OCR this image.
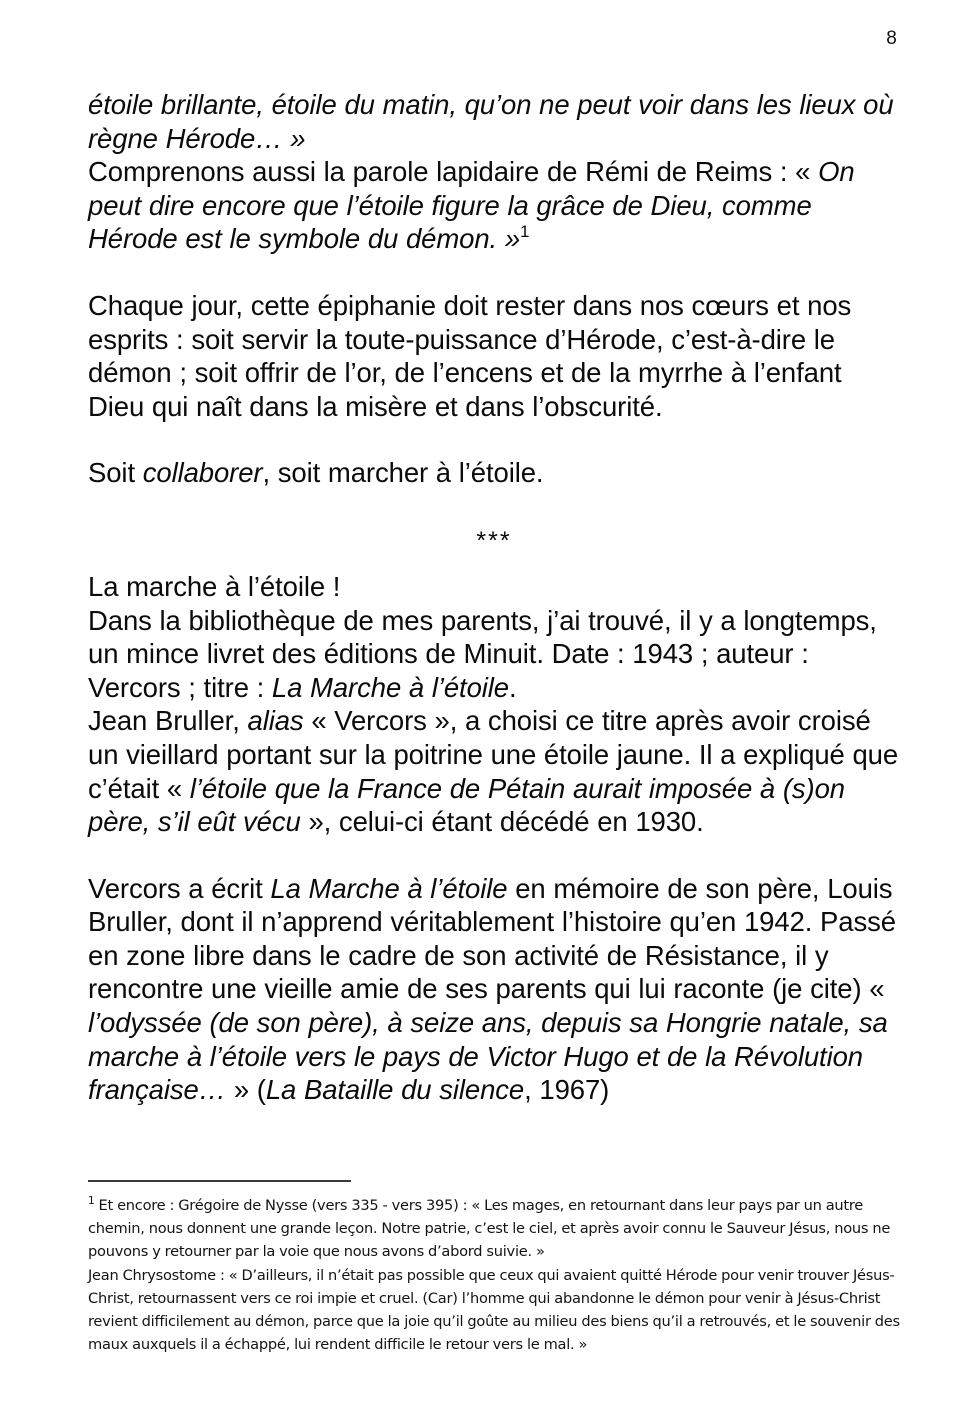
8

étoile brillante, étoile du matin, qu’on ne peut voir dans les lieux où règne Hérode… »

Comprenons aussi la parole lapidaire de Rémi de Reims : « On peut dire encore que l’étoile figure la grâce de Dieu, comme Hérode est le symbole du démon. »$^1$

Chaque jour, cette épiphanie doit rester dans nos cœurs et nos esprits : soit servir la toute-puissance d’Hérode, c’est-à-dire le démon ; soit offrir de l’or, de l’encens et de la myrrhe à l’enfant Dieu qui naît dans la misère et dans l’obscurité.

Soit collaborer, soit marcher à l’étoile.

***

La marche à l’étoile !

Dans la bibliothèque de mes parents, j’ai trouvé, il y a longtemps, un mince livret des éditions de Minuit. Date : 1943 ; auteur : Vercors ; titre : La Marche à l’étoile.

Jean Bruller, alias « Vercors », a choisi ce titre après avoir croisé un vieillard portant sur la poitrine une étoile jaune. Il a expliqué que c’était « l’étoile que la France de Pétain aurait imposée à (s)on père, s’il eût vécu », celui-ci étant décédé en 1930.

Vercors a écrit La Marche à l’étoile en mémoire de son père, Louis Bruller, dont il n’apprend véritablement l’histoire qu’en 1942. Passé en zone libre dans le cadre de son activité de Résistance, il y rencontre une vieille amie de ses parents qui lui raconte (je cite) « l’odyssée (de son père), à seize ans, depuis sa Hongrie natale, sa marche à l’étoile vers le pays de Victor Hugo et de la Révolution française… » (La Bataille du silence, 1967)

$^1$ Et encore : Grégoire de Nysse (vers 335 - vers 395) : « Les mages, en retournant dans leur pays par un autre chemin, nous donnent une grande leçon. Notre patrie, c’est le ciel, et après avoir connu le Sauveur Jésus, nous ne pouvons y retourner par la voie que nous avons d’abord suivie. »

Jean Chrysostome : « D’ailleurs, il n’était pas possible que ceux qui avaient quitté Hérode pour venir trouver Jésus-Christ, retournassent vers ce roi impie et cruel. (Car) l’homme qui abandonne le démon pour venir à Jésus-Christ revient difficilement au démon, parce que la joie qu’il goûte au milieu des biens qu’il a retrouvés, et le souvenir des maux auxquels il a échappé, lui rendent difficile le retour vers le mal. »
